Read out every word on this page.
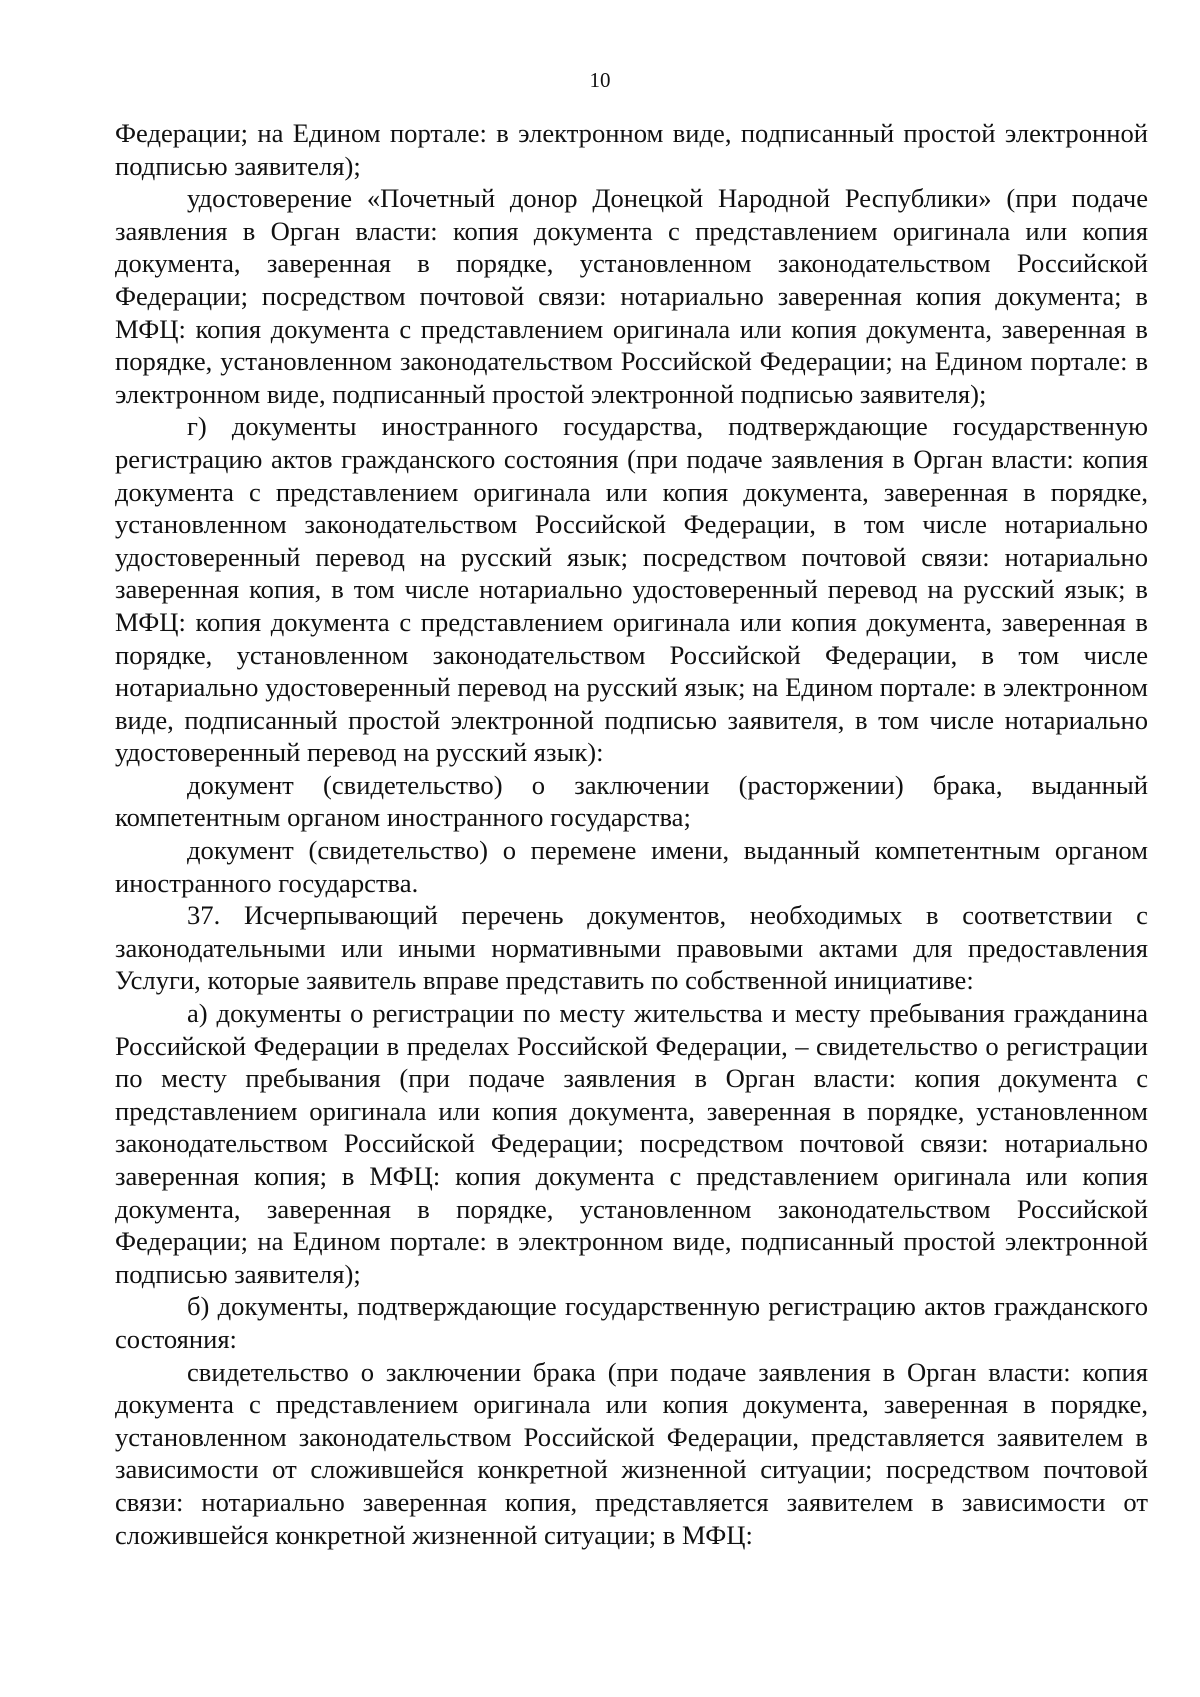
10

Федерации; на Едином портале: в электронном виде, подписанный простой электронной подписью заявителя);

удостоверение «Почетный донор Донецкой Народной Республики» (при подаче заявления в Орган власти: копия документа с представлением оригинала или копия документа, заверенная в порядке, установленном законодательством Российской Федерации; посредством почтовой связи: нотариально заверенная копия документа; в МФЦ: копия документа с представлением оригинала или копия документа, заверенная в порядке, установленном законодательством Российской Федерации; на Едином портале: в электронном виде, подписанный простой электронной подписью заявителя);

г) документы иностранного государства, подтверждающие государственную регистрацию актов гражданского состояния (при подаче заявления в Орган власти: копия документа с представлением оригинала или копия документа, заверенная в порядке, установленном законодательством Российской Федерации, в том числе нотариально удостоверенный перевод на русский язык; посредством почтовой связи: нотариально заверенная копия, в том числе нотариально удостоверенный перевод на русский язык; в МФЦ: копия документа с представлением оригинала или копия документа, заверенная в порядке, установленном законодательством Российской Федерации, в том числе нотариально удостоверенный перевод на русский язык; на Едином портале: в электронном виде, подписанный простой электронной подписью заявителя, в том числе нотариально удостоверенный перевод на русский язык):

документ (свидетельство) о заключении (расторжении) брака, выданный компетентным органом иностранного государства;

документ (свидетельство) о перемене имени, выданный компетентным органом иностранного государства.

37. Исчерпывающий перечень документов, необходимых в соответствии с законодательными или иными нормативными правовыми актами для предоставления Услуги, которые заявитель вправе представить по собственной инициативе:

а) документы о регистрации по месту жительства и месту пребывания гражданина Российской Федерации в пределах Российской Федерации, – свидетельство о регистрации по месту пребывания (при подаче заявления в Орган власти: копия документа с представлением оригинала или копия документа, заверенная в порядке, установленном законодательством Российской Федерации; посредством почтовой связи: нотариально заверенная копия; в МФЦ: копия документа с представлением оригинала или копия документа, заверенная в порядке, установленном законодательством Российской Федерации; на Едином портале: в электронном виде, подписанный простой электронной подписью заявителя);

б) документы, подтверждающие государственную регистрацию актов гражданского состояния:

свидетельство о заключении брака (при подаче заявления в Орган власти: копия документа с представлением оригинала или копия документа, заверенная в порядке, установленном законодательством Российской Федерации, представляется заявителем в зависимости от сложившейся конкретной жизненной ситуации; посредством почтовой связи: нотариально заверенная копия, представляется заявителем в зависимости от сложившейся конкретной жизненной ситуации; в МФЦ:
